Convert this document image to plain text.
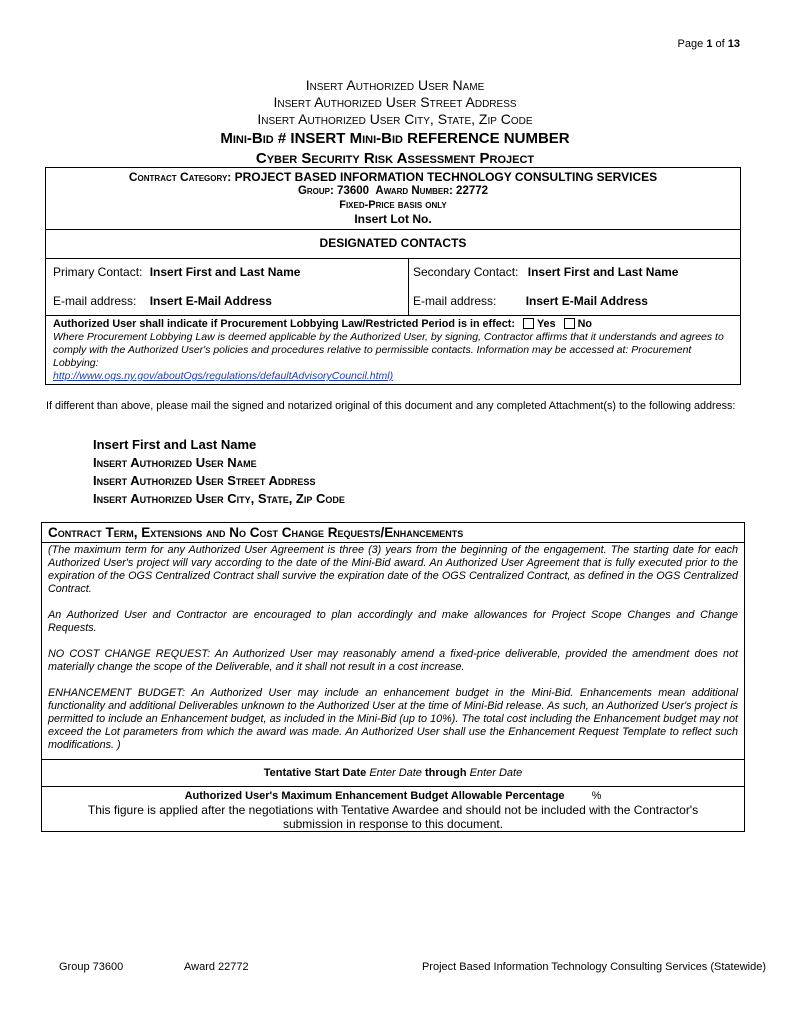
Page 1 of 13
Insert Authorized User Name
Insert Authorized User Street Address
Insert Authorized User City, State, Zip Code
Mini-Bid # INSERT Mini-Bid REFERENCE NUMBER
Cyber Security Risk Assessment Project
Contract Category: PROJECT BASED INFORMATION TECHNOLOGY CONSULTING SERVICES
Group: 73600 Award Number: 22772
Fixed-Price basis only
Insert Lot No.
DESIGNATED CONTACTS
Primary Contact: Insert First and Last Name
E-mail address: Insert E-Mail Address
Secondary Contact: Insert First and Last Name
E-mail address: Insert E-Mail Address
Authorized User shall indicate if Procurement Lobbying Law/Restricted Period is in effect: Yes No
Where Procurement Lobbying Law is deemed applicable by the Authorized User, by signing, Contractor affirms that it understands and agrees to comply with the Authorized User's policies and procedures relative to permissible contacts. Information may be accessed at: Procurement Lobbying:
http://www.ogs.ny.gov/aboutOgs/regulations/defaultAdvisoryCouncil.html)
If different than above, please mail the signed and notarized original of this document and any completed Attachment(s) to the following address:
Insert First and Last Name
Insert Authorized User Name
Insert Authorized User Street Address
Insert Authorized User City, State, Zip Code
Contract Term, Extensions and No Cost Change Requests/Enhancements
(The maximum term for any Authorized User Agreement is three (3) years from the beginning of the engagement. The starting date for each Authorized User's project will vary according to the date of the Mini-Bid award. An Authorized User Agreement that is fully executed prior to the expiration of the OGS Centralized Contract shall survive the expiration date of the OGS Centralized Contract, as defined in the OGS Centralized Contract.
An Authorized User and Contractor are encouraged to plan accordingly and make allowances for Project Scope Changes and Change Requests.
NO COST CHANGE REQUEST: An Authorized User may reasonably amend a fixed-price deliverable, provided the amendment does not materially change the scope of the Deliverable, and it shall not result in a cost increase.
ENHANCEMENT BUDGET: An Authorized User may include an enhancement budget in the Mini-Bid. Enhancements mean additional functionality and additional Deliverables unknown to the Authorized User at the time of Mini-Bid release. As such, an Authorized User's project is permitted to include an Enhancement budget, as included in the Mini-Bid (up to 10%). The total cost including the Enhancement budget may not exceed the Lot parameters from which the award was made. An Authorized User shall use the Enhancement Request Template to reflect such modifications. )
Tentative Start Date Enter Date through Enter Date
Authorized User's Maximum Enhancement Budget Allowable Percentage %
This figure is applied after the negotiations with Tentative Awardee and should not be included with the Contractor's submission in response to this document.
Group 73600	Award 22772	Project Based Information Technology Consulting Services (Statewide)
